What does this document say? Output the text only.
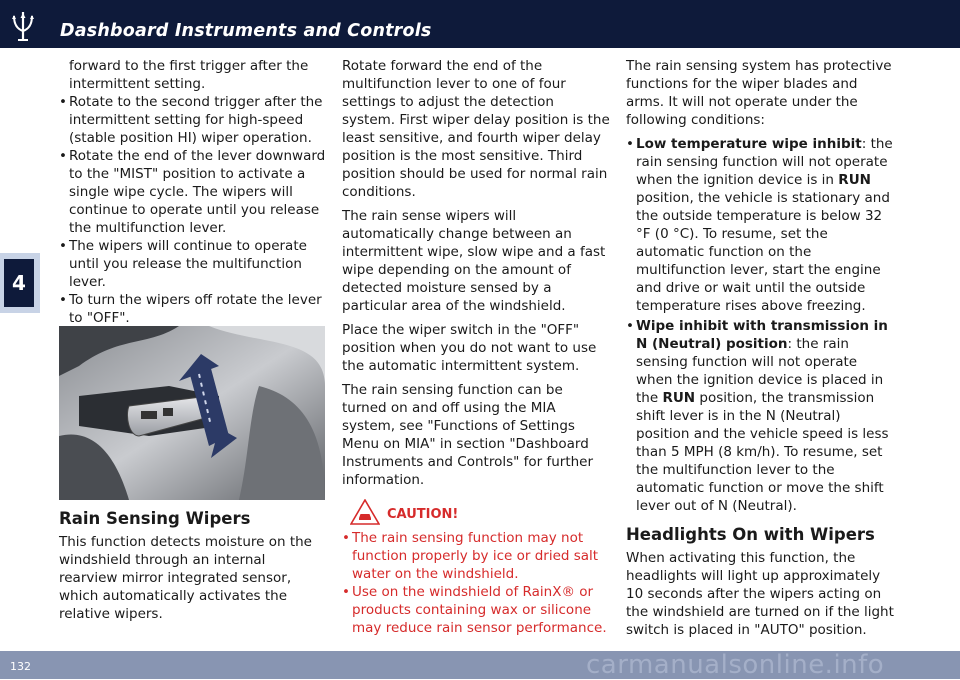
Dashboard Instruments and Controls
4
forward to the first trigger after the intermittent setting.
• Rotate to the second trigger after the intermittent setting for high-speed (stable position HI) wiper operation.
• Rotate the end of the lever downward to the "MIST" position to activate a single wipe cycle. The wipers will continue to operate until you release the multifunction lever.
• The wipers will continue to operate until you release the multifunction lever.
• To turn the wipers off rotate the lever to "OFF".
Rain Sensing Wipers

This function detects moisture on the windshield through an internal rearview mirror integrated sensor, which automatically activates the relative wipers.

Rotate forward the end of the multifunction lever to one of four settings to adjust the detection system. First wiper delay position is the least sensitive, and fourth wiper delay position is the most sensitive. Third position should be used for normal rain conditions.

The rain sense wipers will automatically change between an intermittent wipe, slow wipe and a fast wipe depending on the amount of detected moisture sensed by a particular area of the windshield.

Place the wiper switch in the "OFF" position when you do not want to use the automatic intermittent system.

The rain sensing function can be turned on and off using the MIA system, see "Functions of Settings Menu on MIA" in section "Dashboard Instruments and Controls" for further information.

CAUTION!
• The rain sensing function may not function properly by ice or dried salt water on the windshield.
• Use on the windshield of RainX® or products containing wax or silicone may reduce rain sensor performance.

The rain sensing system has protective functions for the wiper blades and arms. It will not operate under the following conditions:

• Low temperature wipe inhibit: the rain sensing function will not operate when the ignition device is in RUN position, the vehicle is stationary and the outside temperature is below 32 °F (0 °C). To resume, set the automatic function on the multifunction lever, start the engine and drive or wait until the outside temperature rises above freezing.
• Wipe inhibit with transmission in N (Neutral) position: the rain sensing function will not operate when the ignition device is placed in the RUN position, the transmission shift lever is in the N (Neutral) position and the vehicle speed is less than 5 MPH (8 km/h). To resume, set the multifunction lever to the automatic function or move the shift lever out of N (Neutral).
Headlights On with Wipers

When activating this function, the headlights will light up approximately 10 seconds after the wipers acting on the windshield are turned on if the light switch is placed in "AUTO" position.

132	carmanualsonline.info
